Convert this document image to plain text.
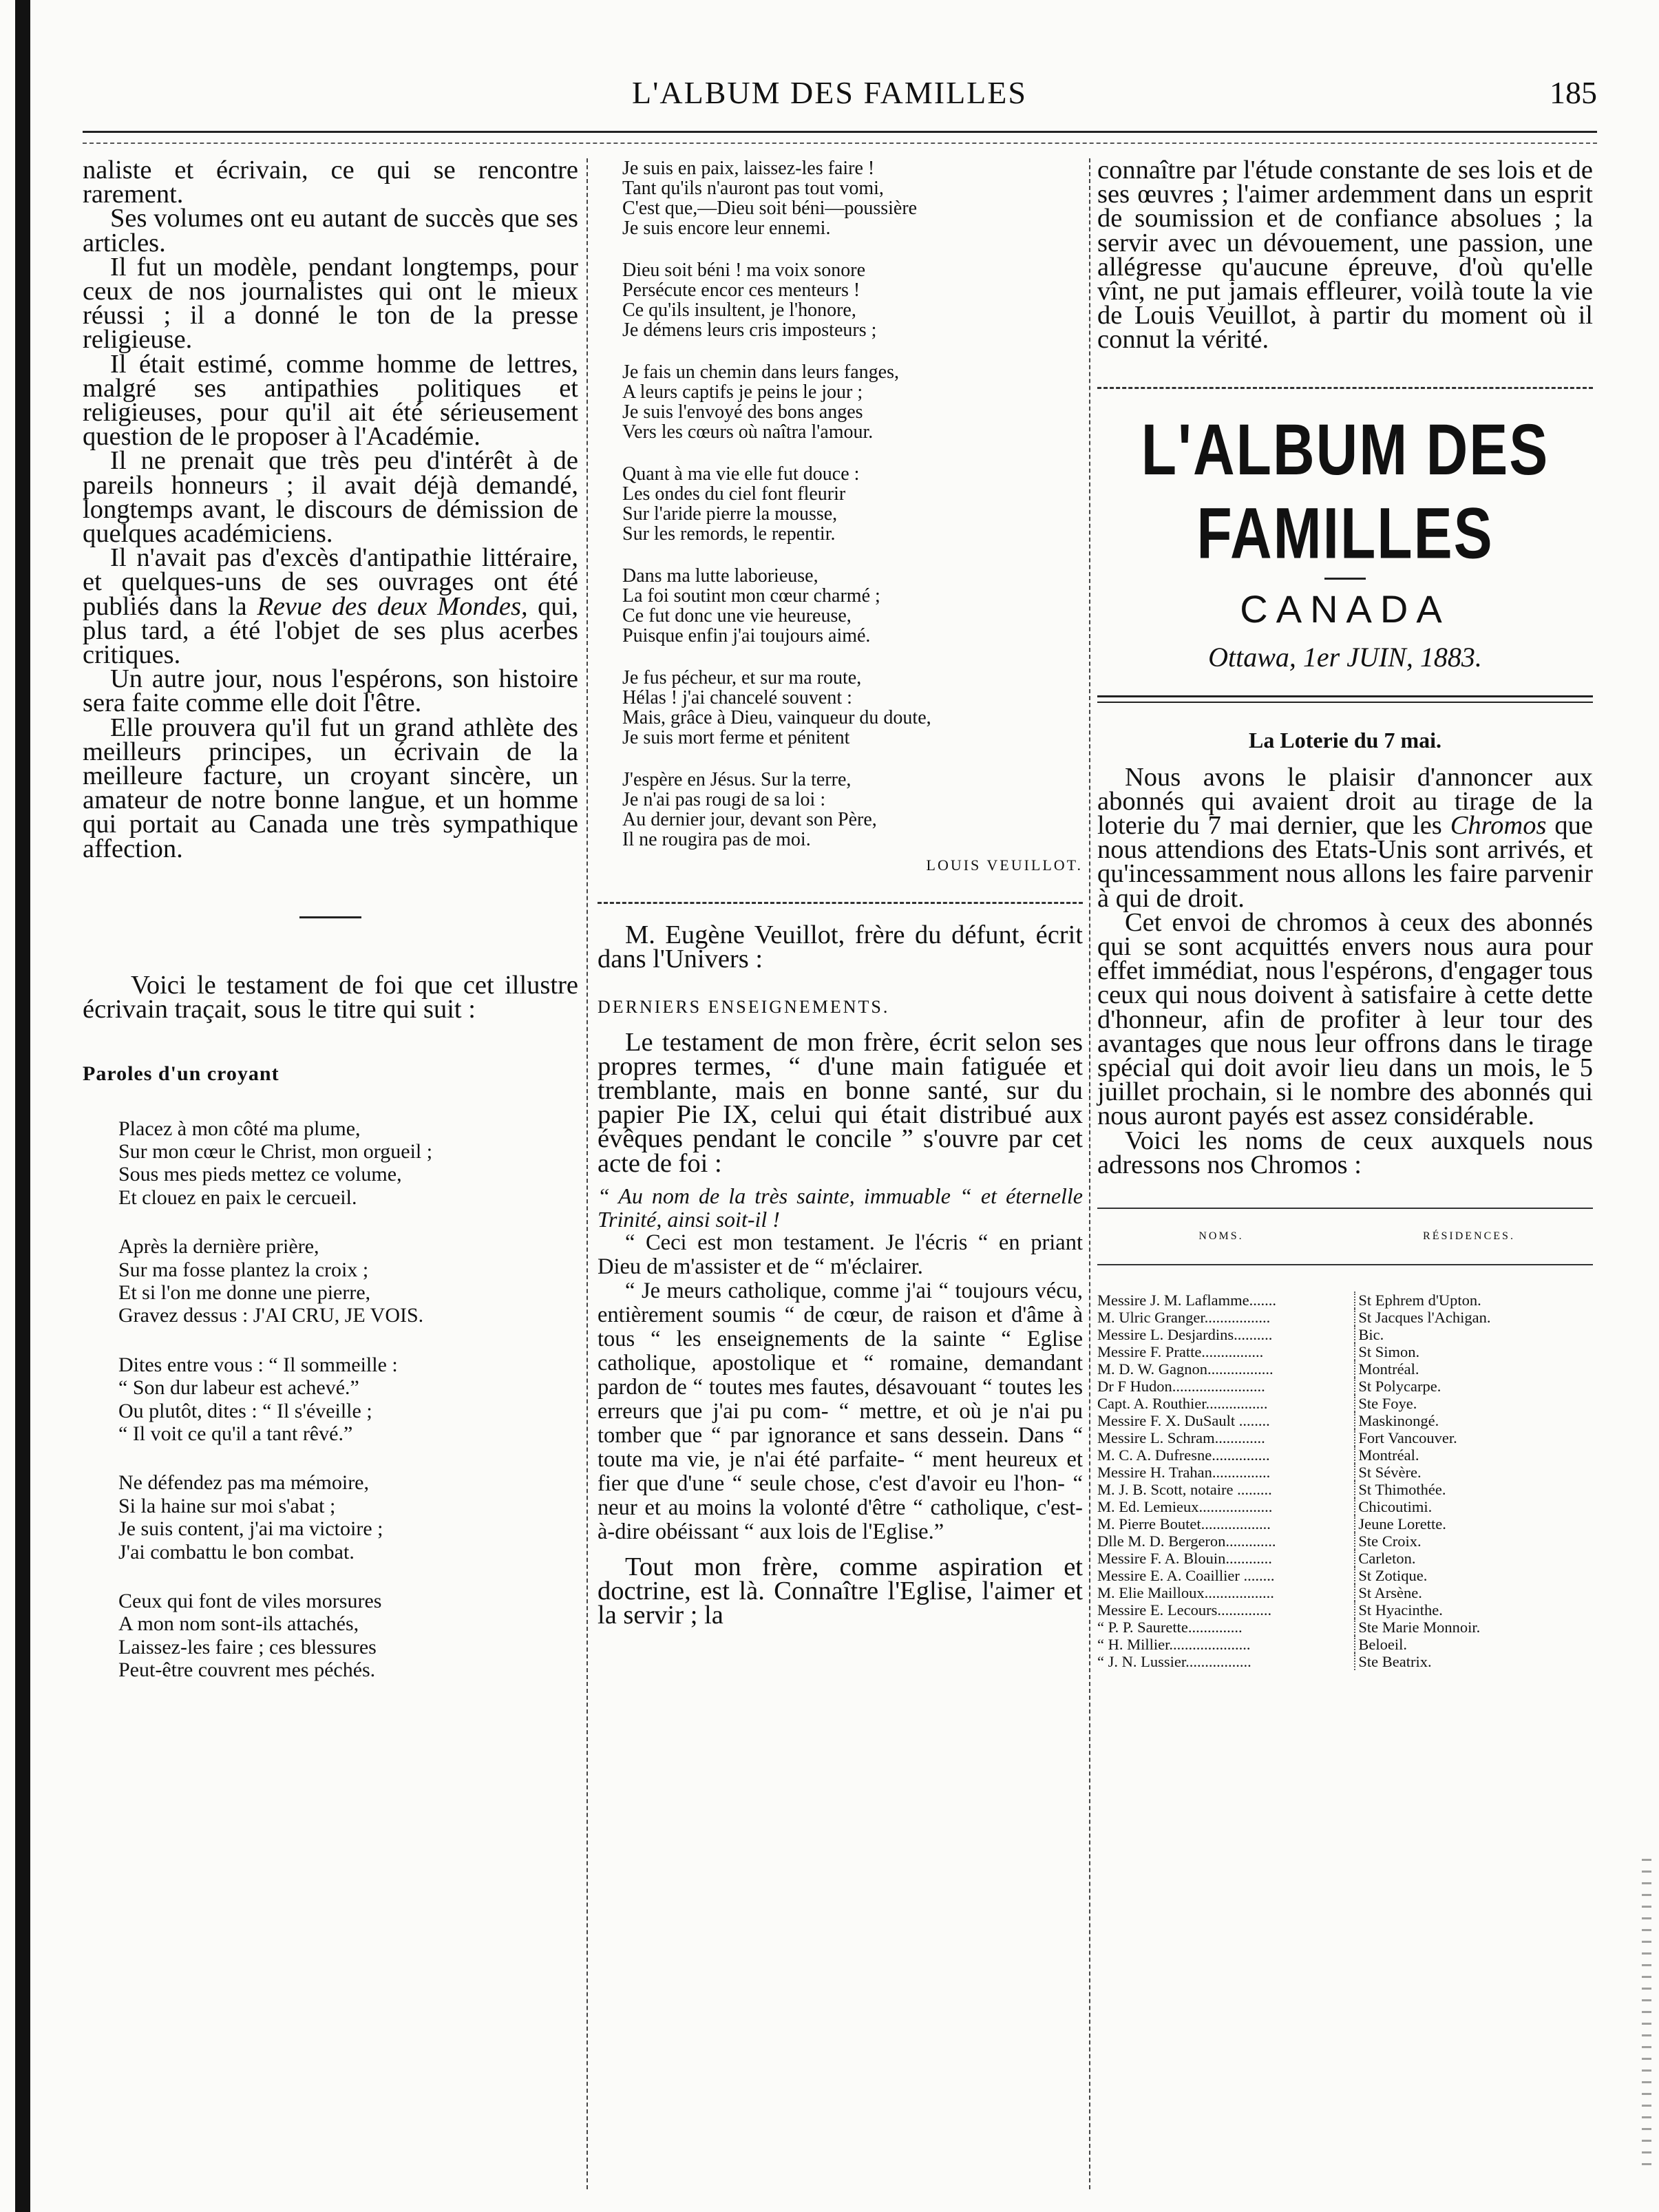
L'ALBUM DES FAMILLES	185

naliste et écrivain, ce qui se rencontre rarement.

Ses volumes ont eu autant de succès que ses articles.

Il fut un modèle, pendant longtemps, pour ceux de nos journalistes qui ont le mieux réussi ; il a donné le ton de la presse religieuse.

Il était estimé, comme homme de lettres, malgré ses antipathies politiques et religieuses, pour qu'il ait été sérieusement question de le proposer à l'Académie.

Il ne prenait que très peu d'intérêt à de pareils honneurs ; il avait déjà demandé, longtemps avant, le discours de démission de quelques académiciens.

Il n'avait pas d'excès d'antipathie littéraire, et quelques-uns de ses ouvrages ont été publiés dans la Revue des deux Mondes, qui, plus tard, a été l'objet de ses plus acerbes critiques.

Un autre jour, nous l'espérons, son histoire sera faite comme elle doit l'être.

Elle prouvera qu'il fut un grand athlète des meilleurs principes, un écrivain de la meilleure facture, un croyant sincère, un amateur de notre bonne langue, et un homme qui portait au Canada une très sympathique affection.

Voici le testament de foi que cet illustre écrivain traçait, sous le titre qui suit :

Paroles d'un croyant

Placez à mon côté ma plume,

Sur mon cœur le Christ, mon orgueil ;

Sous mes pieds mettez ce volume,

Et clouez en paix le cercueil.

Après la dernière prière,

Sur ma fosse plantez la croix ;

Et si l'on me donne une pierre,

Gravez dessus : J'AI CRU, JE VOIS.

Dites entre vous : “ Il sommeille :

“ Son dur labeur est achevé.”

Ou plutôt, dites : “ Il s'éveille ;

“ Il voit ce qu'il a tant rêvé.”

Ne défendez pas ma mémoire,

Si la haine sur moi s'abat ;

Je suis content, j'ai ma victoire ;

J'ai combattu le bon combat.

Ceux qui font de viles morsures

A mon nom sont-ils attachés,

Laissez-les faire ; ces blessures

Peut-être couvrent mes péchés.

Je suis en paix, laissez-les faire !

Tant qu'ils n'auront pas tout vomi,

C'est que,—Dieu soit béni—poussière

Je suis encore leur ennemi.

Dieu soit béni ! ma voix sonore

Persécute encor ces menteurs !

Ce qu'ils insultent, je l'honore,

Je démens leurs cris imposteurs ;

Je fais un chemin dans leurs fanges,

A leurs captifs je peins le jour ;

Je suis l'envoyé des bons anges

Vers les cœurs où naîtra l'amour.

Quant à ma vie elle fut douce :

Les ondes du ciel font fleurir

Sur l'aride pierre la mousse,

Sur les remords, le repentir.

Dans ma lutte laborieuse,

La foi soutint mon cœur charmé ;

Ce fut donc une vie heureuse,

Puisque enfin j'ai toujours aimé.

Je fus pécheur, et sur ma route,

Hélas ! j'ai chancelé souvent :

Mais, grâce à Dieu, vainqueur du doute,

Je suis mort ferme et pénitent

J'espère en Jésus. Sur la terre,

Je n'ai pas rougi de sa loi :

Au dernier jour, devant son Père,

Il ne rougira pas de moi.

LOUIS VEUILLOT.

M. Eugène Veuillot, frère du défunt, écrit dans l'Univers :

DERNIERS ENSEIGNEMENTS.

Le testament de mon frère, écrit selon ses propres termes, “ d'une main fatiguée et tremblante, mais en bonne santé, sur du papier Pie IX, celui qui était distribué aux évêques pendant le concile ” s'ouvre par cet acte de foi :

“ Au nom de la très sainte, immuable “ et éternelle Trinité, ainsi soit-il !

“ Ceci est mon testament. Je l'écris “ en priant Dieu de m'assister et de “ m'éclairer.

“ Je meurs catholique, comme j'ai “ toujours vécu, entièrement soumis “ de cœur, de raison et d'âme à tous “ les enseignements de la sainte “ Eglise catholique, apostolique et “ romaine, demandant pardon de “ toutes mes fautes, désavouant “ toutes les erreurs que j'ai pu com- “ mettre, et où je n'ai pu tomber que “ par ignorance et sans dessein. Dans “ toute ma vie, je n'ai été parfaite- “ ment heureux et fier que d'une “ seule chose, c'est d'avoir eu l'hon- “ neur et au moins la volonté d'être “ catholique, c'est-à-dire obéissant “ aux lois de l'Eglise.”

Tout mon frère, comme aspiration et doctrine, est là. Connaître l'Eglise, l'aimer et la servir ; la

connaître par l'étude constante de ses lois et de ses œuvres ; l'aimer ardemment dans un esprit de soumission et de confiance absolues ; la servir avec un dévouement, une passion, une allégresse qu'aucune épreuve, d'où qu'elle vînt, ne put jamais effleurer, voilà toute la vie de Louis Veuillot, à partir du moment où il connut la vérité.

L'ALBUM DES FAMILLES

CANADA

Ottawa, 1er JUIN, 1883.

La Loterie du 7 mai.

Nous avons le plaisir d'annoncer aux abonnés qui avaient droit au tirage de la loterie du 7 mai dernier, que les Chromos que nous attendions des Etats-Unis sont arrivés, et qu'incessamment nous allons les faire parvenir à qui de droit.

Cet envoi de chromos à ceux des abonnés qui se sont acquittés envers nous aura pour effet immédiat, nous l'espérons, d'engager tous ceux qui nous doivent à satisfaire à cette dette d'honneur, afin de profiter à leur tour des avantages que nous leur offrons dans le tirage spécial qui doit avoir lieu dans un mois, le 5 juillet prochain, si le nombre des abonnés qui nous auront payés est assez considérable.

Voici les noms de ceux auxquels nous adressons nos Chromos :

NOMS.	RÉSIDENCES.
Messire J. M. Laflamme.......	St Ephrem d'Upton.
M. Ulric Granger.................	St Jacques l'Achigan.
Messire L. Desjardins..........	Bic.
Messire F. Pratte................	St Simon.
M. D. W. Gagnon.................	Montréal.
Dr F Hudon........................	St Polycarpe.
Capt. A. Routhier................	Ste Foye.
Messire F. X. DuSault ........	Maskinongé.
Messire L. Schram.............	Fort Vancouver.
M. C. A. Dufresne...............	Montréal.
Messire H. Trahan...............	St Sévère.
M. J. B. Scott, notaire .........	St Thimothée.
M. Ed. Lemieux...................	Chicoutimi.
M. Pierre Boutet..................	Jeune Lorette.
Dlle M. D. Bergeron.............	Ste Croix.
Messire F. A. Blouin............	Carleton.
Messire E. A. Coaillier ........	St Zotique.
M. Elie Mailloux..................	St Arsène.
Messire E. Lecours..............	St Hyacinthe.
“ P. P. Saurette..............	Ste Marie Monnoir.
“ H. Millier.....................	Beloeil.
“ J. N. Lussier.................	Ste Beatrix.
